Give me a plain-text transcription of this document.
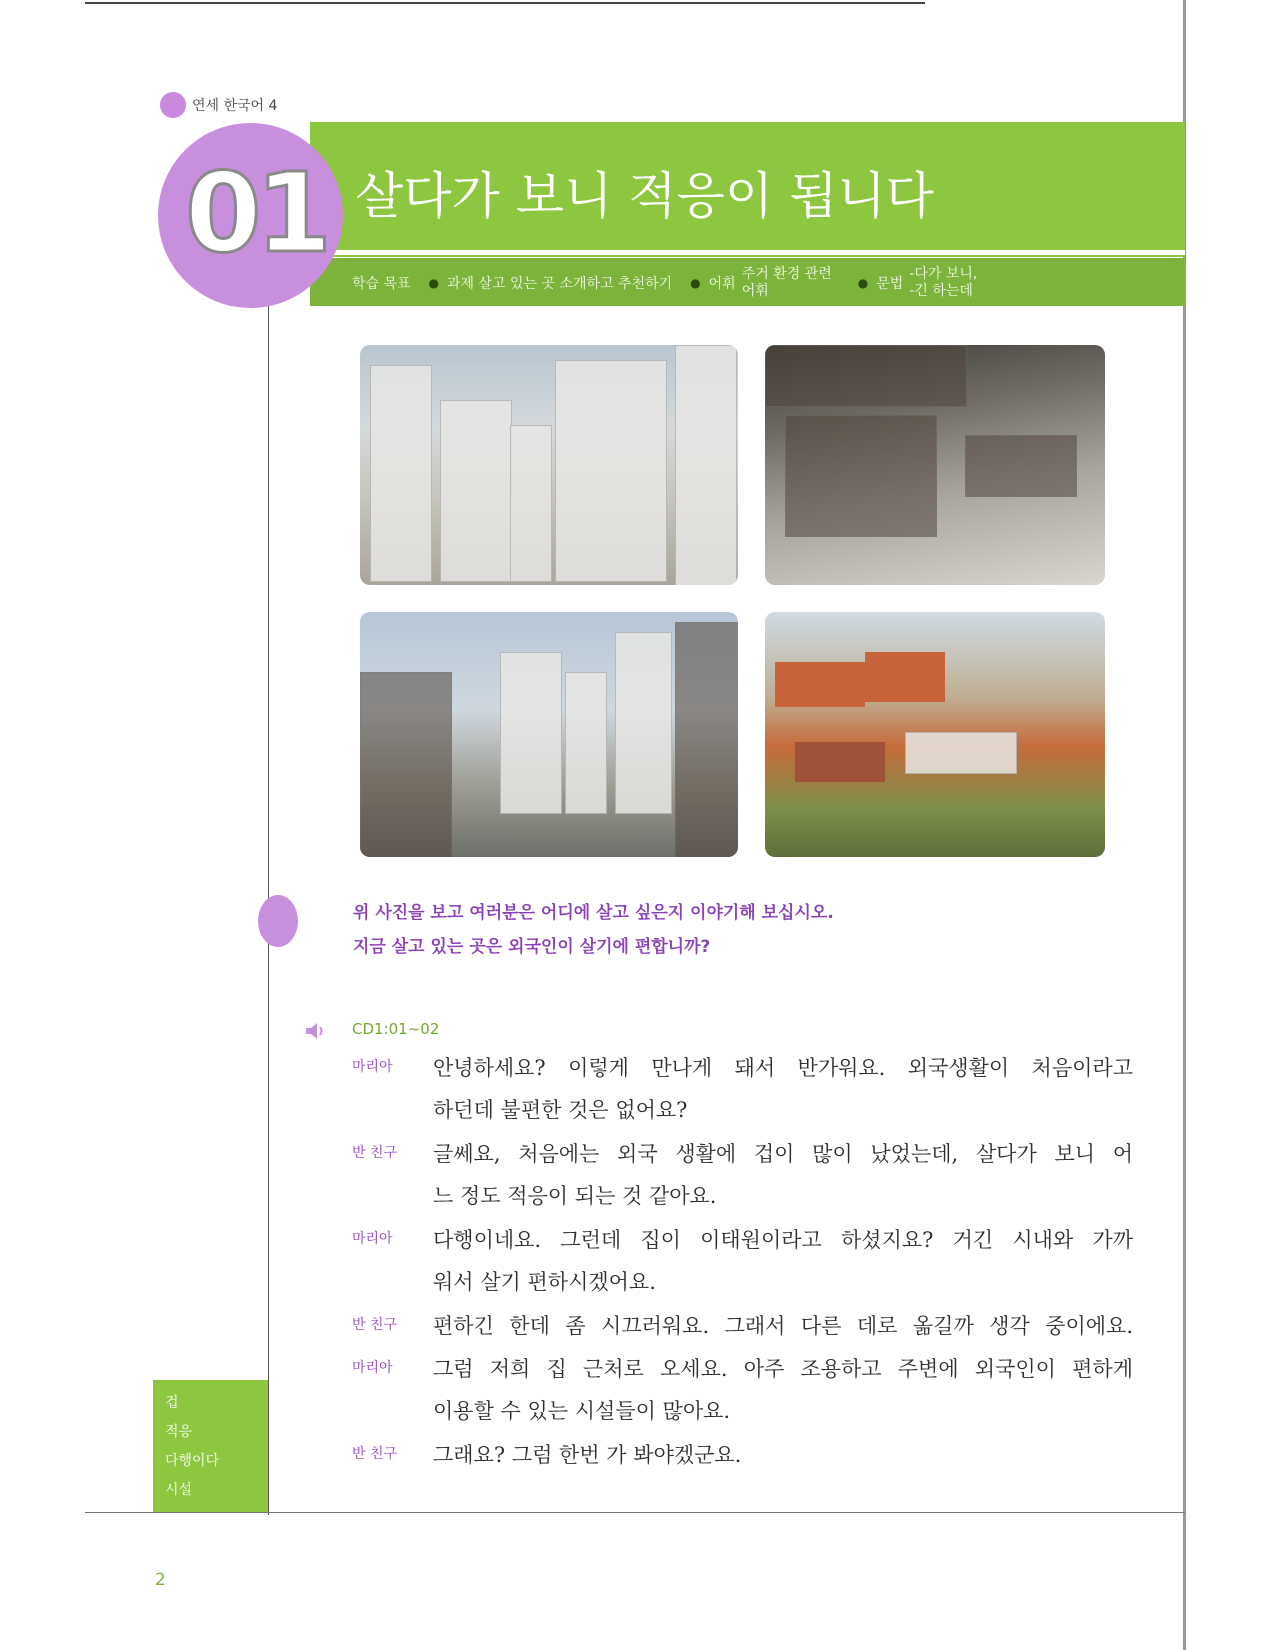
연세 한국어 4
01 살다가 보니 적응이 됩니다
학습 목표 ● 과제 살고 있는 곳 소개하고 추천하기 ● 어휘
주거 환경 관련
어휘	● 문법
-다가 보니,
-긴 하는데
위 사진을 보고 여러분은 어디에 살고 싶은지 이야기해 보십시오.
지금 살고 있는 곳은 외국인이 살기에 편합니까?
CD1:01~02
마리아 안녕하세요? 이렇게 만나게 돼서 반가워요. 외국생활이 처음이라고
하던데 불편한 것은 없어요?
반 친구 글쎄요, 처음에는 외국 생활에 겁이 많이 났었는데, 살다가 보니 어
느 정도 적응이 되는 것 같아요.
마리아 다행이네요. 그런데 집이 이태원이라고 하셨지요? 거긴 시내와 가까
워서 살기 편하시겠어요.
반 친구 편하긴 한데 좀 시끄러워요. 그래서 다른 데로 옮길까 생각 중이에요.
마리아 그럼 저희 집 근처로 오세요. 아주 조용하고 주변에 외국인이 편하게
이용할 수 있는 시설들이 많아요.
반 친구 그래요? 그럼 한번 가 봐야겠군요.
겁
적응
다행이다
시설
2
